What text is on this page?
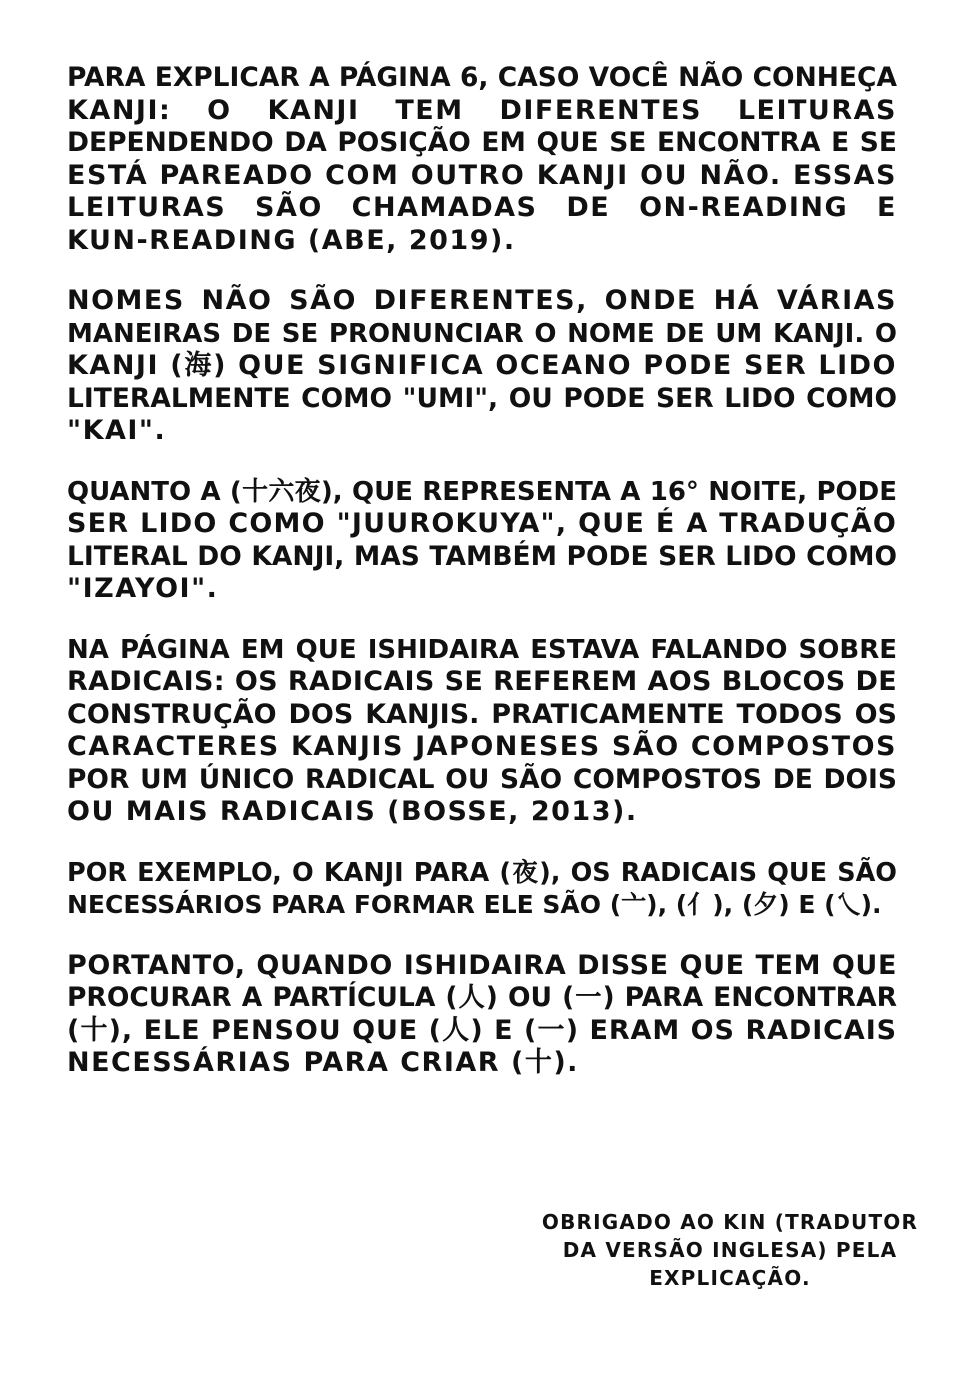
PARA EXPLICAR A PÁGINA 6, CASO VOCÊ NÃO CONHEÇA
KANJI: O KANJI TEM DIFERENTES LEITURAS
DEPENDENDO DA POSIÇÃO EM QUE SE ENCONTRA E SE
ESTÁ PAREADO COM OUTRO KANJI OU NÃO. ESSAS
LEITURAS SÃO CHAMADAS DE ON-READING E
KUN-READING (ABE, 2019).

NOMES NÃO SÃO DIFERENTES, ONDE HÁ VÁRIAS
MANEIRAS DE SE PRONUNCIAR O NOME DE UM KANJI. O
KANJI (海) QUE SIGNIFICA OCEANO PODE SER LIDO
LITERALMENTE COMO "UMI", OU PODE SER LIDO COMO
"KAI".

QUANTO A (十六夜), QUE REPRESENTA A 16° NOITE, PODE
SER LIDO COMO "JUUROKUYA", QUE É A TRADUÇÃO
LITERAL DO KANJI, MAS TAMBÉM PODE SER LIDO COMO
"IZAYOI".

NA PÁGINA EM QUE ISHIDAIRA ESTAVA FALANDO SOBRE
RADICAIS: OS RADICAIS SE REFEREM AOS BLOCOS DE
CONSTRUÇÃO DOS KANJIS. PRATICAMENTE TODOS OS
CARACTERES KANJIS JAPONESES SÃO COMPOSTOS
POR UM ÚNICO RADICAL OU SÃO COMPOSTOS DE DOIS
OU MAIS RADICAIS (BOSSE, 2013).

POR EXEMPLO, O KANJI PARA (夜), OS RADICAIS QUE SÃO
NECESSÁRIOS PARA FORMAR ELE SÃO (亠), (亻), (夕) E (乀).

PORTANTO, QUANDO ISHIDAIRA DISSE QUE TEM QUE
PROCURAR A PARTÍCULA (人) OU (一) PARA ENCONTRAR
(十), ELE PENSOU QUE (人) E (一) ERAM OS RADICAIS
NECESSÁRIAS PARA CRIAR (十).

OBRIGADO AO KIN (TRADUTOR
DA VERSÃO INGLESA) PELA
EXPLICAÇÃO.
